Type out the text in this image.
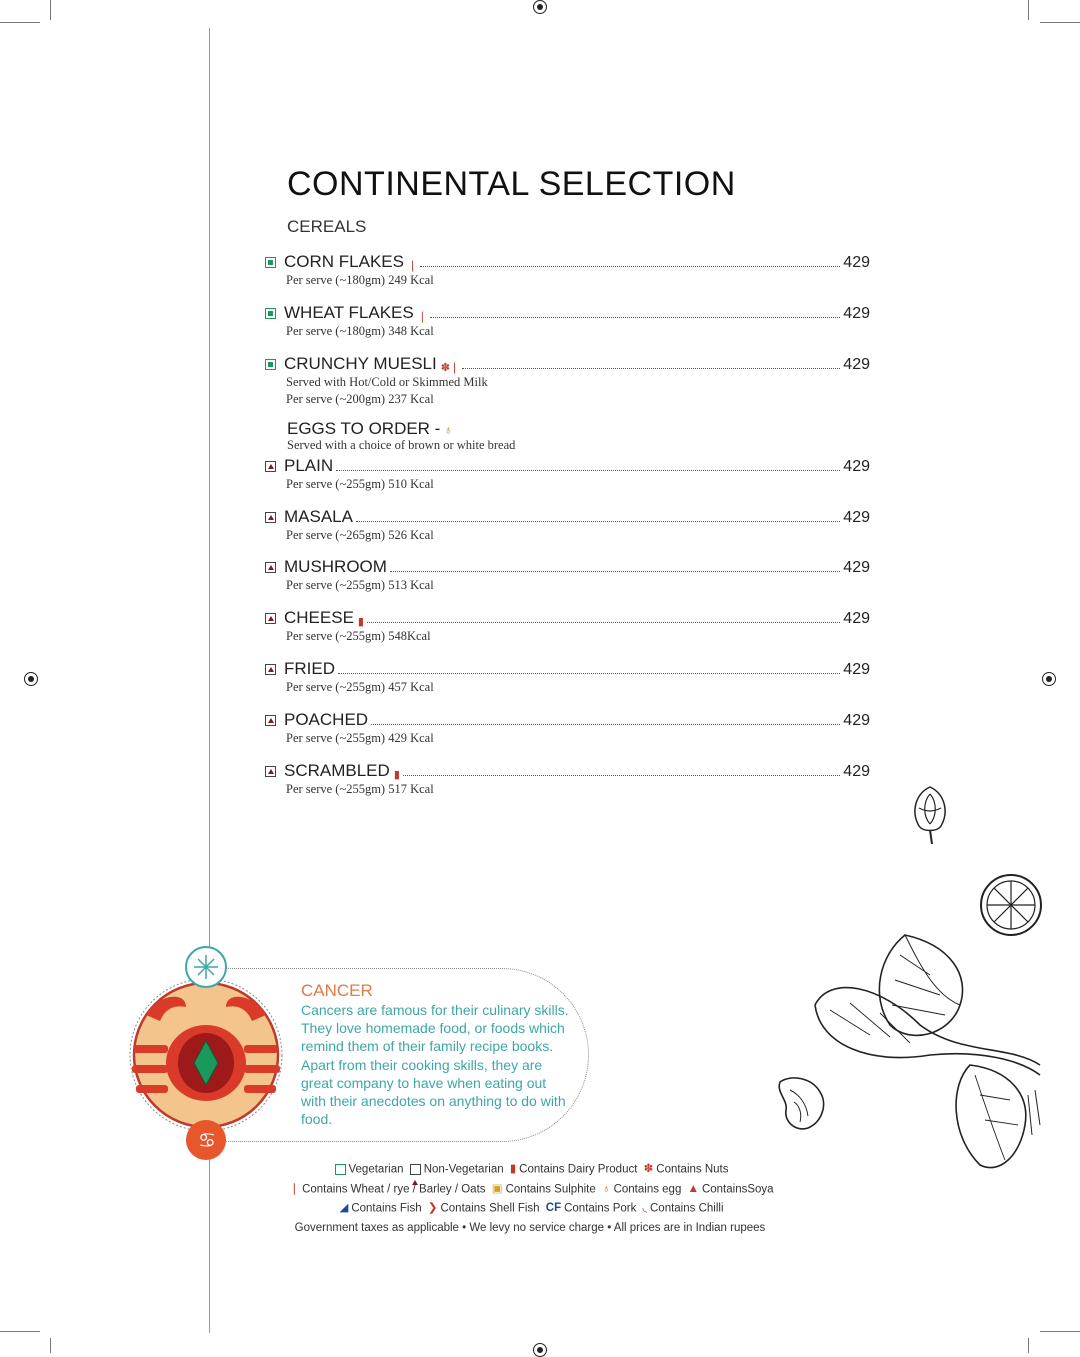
CONTINENTAL SELECTION
CEREALS
CORN FLAKES ❘	429
Per serve (~180gm) 249 Kcal
WHEAT FLAKES ❘	429
Per serve (~180gm) 348 Kcal
CRUNCHY MUESLI ✽❘	429
Served with Hot/Cold or Skimmed Milk
Per serve (~200gm) 237 Kcal
EGGS TO ORDER - ♁
Served with a choice of brown or white bread
PLAIN	429
Per serve (~255gm) 510 Kcal
MASALA	429
Per serve (~265gm) 526 Kcal
MUSHROOM	429
Per serve (~255gm) 513 Kcal
CHEESE ▮	429
Per serve (~255gm) 548Kcal
FRIED	429
Per serve (~255gm) 457 Kcal
POACHED	429
Per serve (~255gm) 429 Kcal
SCRAMBLED ▮	429
Per serve (~255gm) 517 Kcal
♋
CANCER
Cancers are famous for their culinary skills. They love homemade food, or foods which remind them of their family recipe books. Apart from their cooking skills, they are great company to have when eating out with their anecdotes on anything to do with food.
Vegetarian Non-Vegetarian ▮ Contains Dairy Product ✽ Contains Nuts
❘ Contains Wheat / rye / Barley / Oats ▣ Contains Sulphite ♁ Contains egg ▲ ContainsSoya
◢ Contains Fish ❯ Contains Shell Fish CF Contains Pork ◟ Contains Chilli
Government taxes as applicable • We levy no service charge • All prices are in Indian rupees
